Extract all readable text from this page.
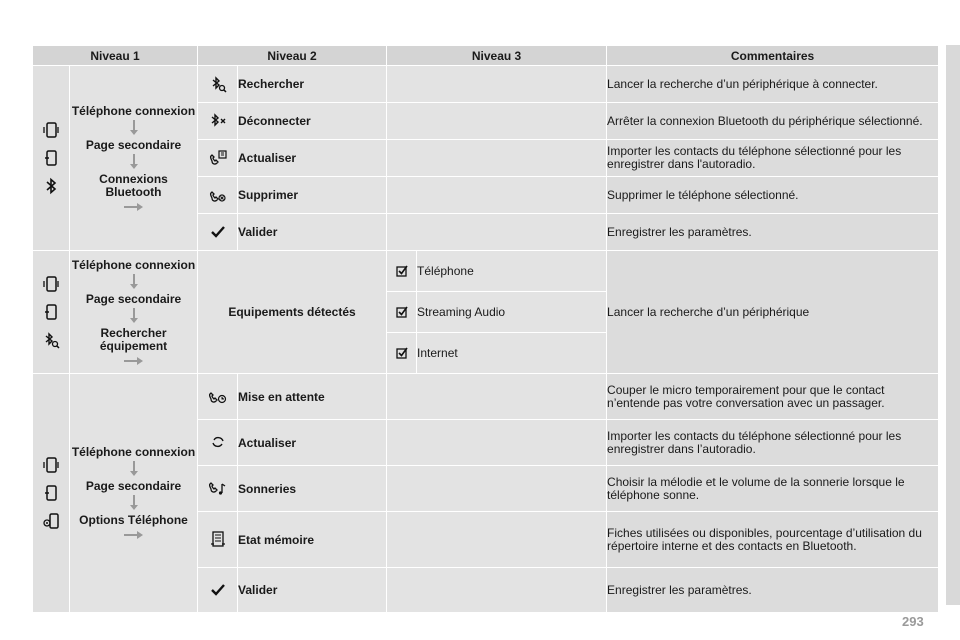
Niveau 1		Niveau 2		Niveau 3		Commentaires

Téléphone connexion
Page secondaire
Connexions Bluetooth		Rechercher			Lancer la recherche d’un périphérique à connecter.
	Déconnecter			Arrêter la connexion Bluetooth du périphérique sélectionné.
	Actualiser			Importer les contacts du téléphone sélectionné pour les enregistrer dans l'autoradio.
	Supprimer			Supprimer le téléphone sélectionné.
	Valider			Enregistrer les paramètres.

Téléphone connexion
Page secondaire
Rechercher équipement	Equipements détectés			Téléphone	Lancer la recherche d’un périphérique
	Streaming Audio	
	Internet	

Téléphone connexion
Page secondaire
Options Téléphone		Mise en attente			Couper le micro temporairement pour que le contact n’entende pas votre conversation avec un passager.
	Actualiser			Importer les contacts du téléphone sélectionné pour les enregistrer dans l’autoradio.
	Sonneries			Choisir la mélodie et le volume de la sonnerie lorsque le téléphone sonne.
	Etat mémoire			Fiches utilisées ou disponibles, pourcentage d’utilisation du répertoire interne et des contacts en Bluetooth.
	Valider			Enregistrer les paramètres.
293
